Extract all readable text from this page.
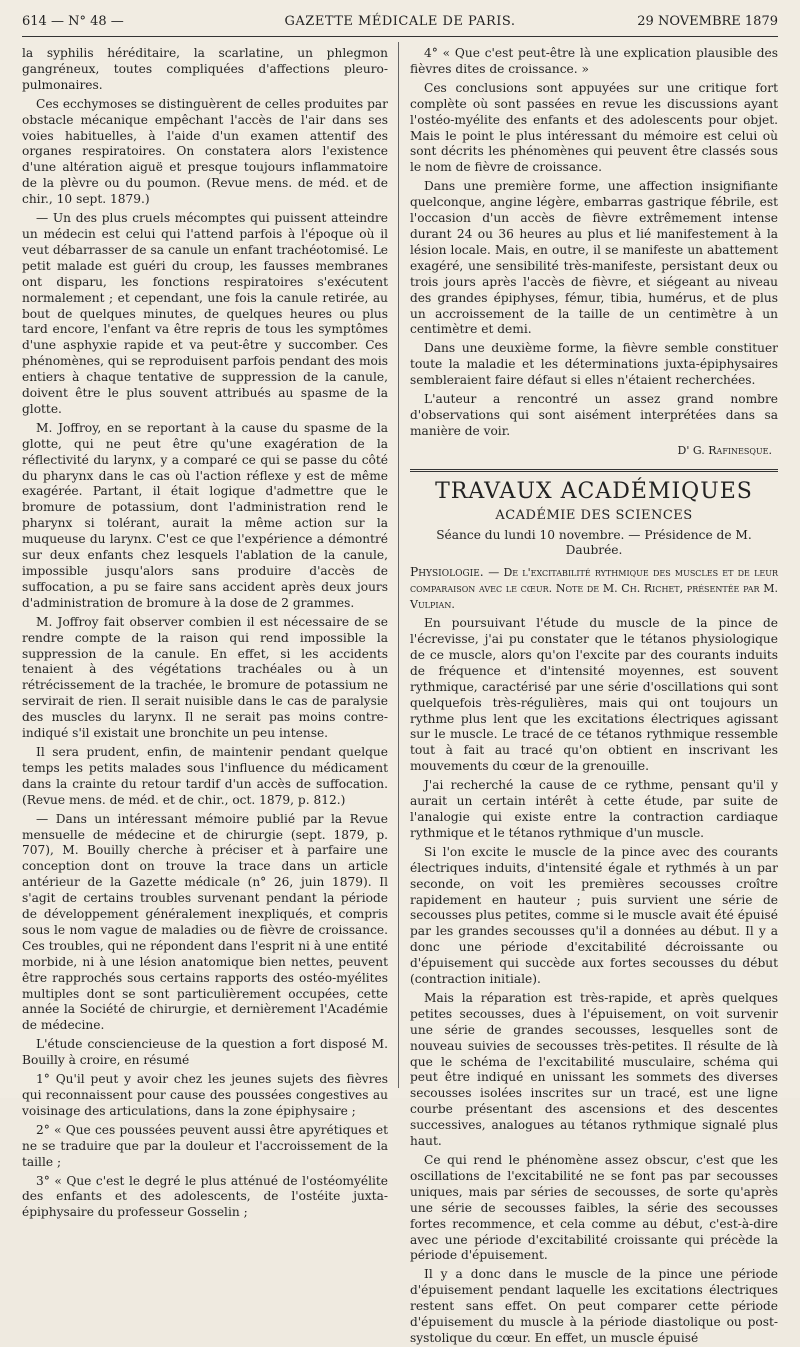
614 — N° 48 —	GAZETTE MÉDICALE DE PARIS.	29 NOVEMBRE 1879

la syphilis héréditaire, la scarlatine, un phlegmon gangréneux, toutes compliquées d'affections pleuro-pulmonaires.

Ces ecchymoses se distinguèrent de celles produites par obstacle mécanique empêchant l'accès de l'air dans ses voies habituelles, à l'aide d'un examen attentif des organes respiratoires. On constatera alors l'existence d'une altération aiguë et presque toujours inflammatoire de la plèvre ou du poumon. (Revue mens. de méd. et de chir., 10 sept. 1879.)

— Un des plus cruels mécomptes qui puissent atteindre un médecin est celui qui l'attend parfois à l'époque où il veut débarrasser de sa canule un enfant trachéotomisé. Le petit malade est guéri du croup, les fausses membranes ont disparu, les fonctions respiratoires s'exécutent normalement ; et cependant, une fois la canule retirée, au bout de quelques minutes, de quelques heures ou plus tard encore, l'enfant va être repris de tous les symptômes d'une asphyxie rapide et va peut-être y succomber. Ces phénomènes, qui se reproduisent parfois pendant des mois entiers à chaque tentative de suppression de la canule, doivent être le plus souvent attribués au spasme de la glotte.

M. Joffroy, en se reportant à la cause du spasme de la glotte, qui ne peut être qu'une exagération de la réflectivité du larynx, y a comparé ce qui se passe du côté du pharynx dans le cas où l'action réflexe y est de même exagérée. Partant, il était logique d'admettre que le bromure de potassium, dont l'administration rend le pharynx si tolérant, aurait la même action sur la muqueuse du larynx. C'est ce que l'expérience a démontré sur deux enfants chez lesquels l'ablation de la canule, impossible jusqu'alors sans produire d'accès de suffocation, a pu se faire sans accident après deux jours d'administration de bromure à la dose de 2 grammes.

M. Joffroy fait observer combien il est nécessaire de se rendre compte de la raison qui rend impossible la suppression de la canule. En effet, si les accidents tenaient à des végétations trachéales ou à un rétrécissement de la trachée, le bromure de potassium ne servirait de rien. Il serait nuisible dans le cas de paralysie des muscles du larynx. Il ne serait pas moins contre-indiqué s'il existait une bronchite un peu intense.

Il sera prudent, enfin, de maintenir pendant quelque temps les petits malades sous l'influence du médicament dans la crainte du retour tardif d'un accès de suffocation. (Revue mens. de méd. et de chir., oct. 1879, p. 812.)

— Dans un intéressant mémoire publié par la Revue mensuelle de médecine et de chirurgie (sept. 1879, p. 707), M. Bouilly cherche à préciser et à parfaire une conception dont on trouve la trace dans un article antérieur de la Gazette médicale (n° 26, juin 1879). Il s'agit de certains troubles survenant pendant la période de développement généralement inexpliqués, et compris sous le nom vague de maladies ou de fièvre de croissance. Ces troubles, qui ne répondent dans l'esprit ni à une entité morbide, ni à une lésion anatomique bien nettes, peuvent être rapprochés sous certains rapports des ostéo-myélites multiples dont se sont particulièrement occupées, cette année la Société de chirurgie, et dernièrement l'Académie de médecine.

L'étude consciencieuse de la question a fort disposé M. Bouilly à croire, en résumé

1° Qu'il peut y avoir chez les jeunes sujets des fièvres qui reconnaissent pour cause des poussées congestives au voisinage des articulations, dans la zone épiphysaire ;

2° « Que ces poussées peuvent aussi être apyrétiques et ne se traduire que par la douleur et l'accroissement de la taille ;

3° « Que c'est le degré le plus atténué de l'ostéomyélite des enfants et des adolescents, de l'ostéite juxta-épiphysaire du professeur Gosselin ;

4° « Que c'est peut-être là une explication plausible des fièvres dites de croissance. »

Ces conclusions sont appuyées sur une critique fort complète où sont passées en revue les discussions ayant l'ostéo-myélite des enfants et des adolescents pour objet. Mais le point le plus intéressant du mémoire est celui où sont décrits les phénomènes qui peuvent être classés sous le nom de fièvre de croissance.

Dans une première forme, une affection insignifiante quelconque, angine légère, embarras gastrique fébrile, est l'occasion d'un accès de fièvre extrêmement intense durant 24 ou 36 heures au plus et lié manifestement à la lésion locale. Mais, en outre, il se manifeste un abattement exagéré, une sensibilité très-manifeste, persistant deux ou trois jours après l'accès de fièvre, et siégeant au niveau des grandes épiphyses, fémur, tibia, humérus, et de plus un accroissement de la taille de un centimètre à un centimètre et demi.

Dans une deuxième forme, la fièvre semble constituer toute la maladie et les déterminations juxta-épiphysaires sembleraient faire défaut si elles n'étaient recherchées.

L'auteur a rencontré un assez grand nombre d'observations qui sont aisément interprétées dans sa manière de voir.

D' G. Rafinesque.

TRAVAUX ACADÉMIQUES

ACADÉMIE DES SCIENCES

Séance du lundi 10 novembre. — Présidence de M. Daubrée.

Physiologie. — De l'excitabilité rythmique des muscles et de leur comparaison avec le cœur. Note de M. Ch. Richet, présentée par M. Vulpian.

En poursuivant l'étude du muscle de la pince de l'écrevisse, j'ai pu constater que le tétanos physiologique de ce muscle, alors qu'on l'excite par des courants induits de fréquence et d'intensité moyennes, est souvent rythmique, caractérisé par une série d'oscillations qui sont quelquefois très-régulières, mais qui ont toujours un rythme plus lent que les excitations électriques agissant sur le muscle. Le tracé de ce tétanos rythmique ressemble tout à fait au tracé qu'on obtient en inscrivant les mouvements du cœur de la grenouille.

J'ai recherché la cause de ce rythme, pensant qu'il y aurait un certain intérêt à cette étude, par suite de l'analogie qui existe entre la contraction cardiaque rythmique et le tétanos rythmique d'un muscle.

Si l'on excite le muscle de la pince avec des courants électriques induits, d'intensité égale et rythmés à un par seconde, on voit les premières secousses croître rapidement en hauteur ; puis survient une série de secousses plus petites, comme si le muscle avait été épuisé par les grandes secousses qu'il a données au début. Il y a donc une période d'excitabilité décroissante ou d'épuisement qui succède aux fortes secousses du début (contraction initiale).

Mais la réparation est très-rapide, et après quelques petites secousses, dues à l'épuisement, on voit survenir une série de grandes secousses, lesquelles sont de nouveau suivies de secousses très-petites. Il résulte de là que le schéma de l'excitabilité musculaire, schéma qui peut être indiqué en unissant les sommets des diverses secousses isolées inscrites sur un tracé, est une ligne courbe présentant des ascensions et des descentes successives, analogues au tétanos rythmique signalé plus haut.

Ce qui rend le phénomène assez obscur, c'est que les oscillations de l'excitabilité ne se font pas par secousses uniques, mais par séries de secousses, de sorte qu'après une série de secousses faibles, la série des secousses fortes recommence, et cela comme au début, c'est-à-dire avec une période d'excitabilité croissante qui précède la période d'épuisement.

Il y a donc dans le muscle de la pince une période d'épuisement pendant laquelle les excitations électriques restent sans effet. On peut comparer cette période d'épuisement du muscle à la période diastolique ou post-systolique du cœur. En effet, un muscle épuisé
